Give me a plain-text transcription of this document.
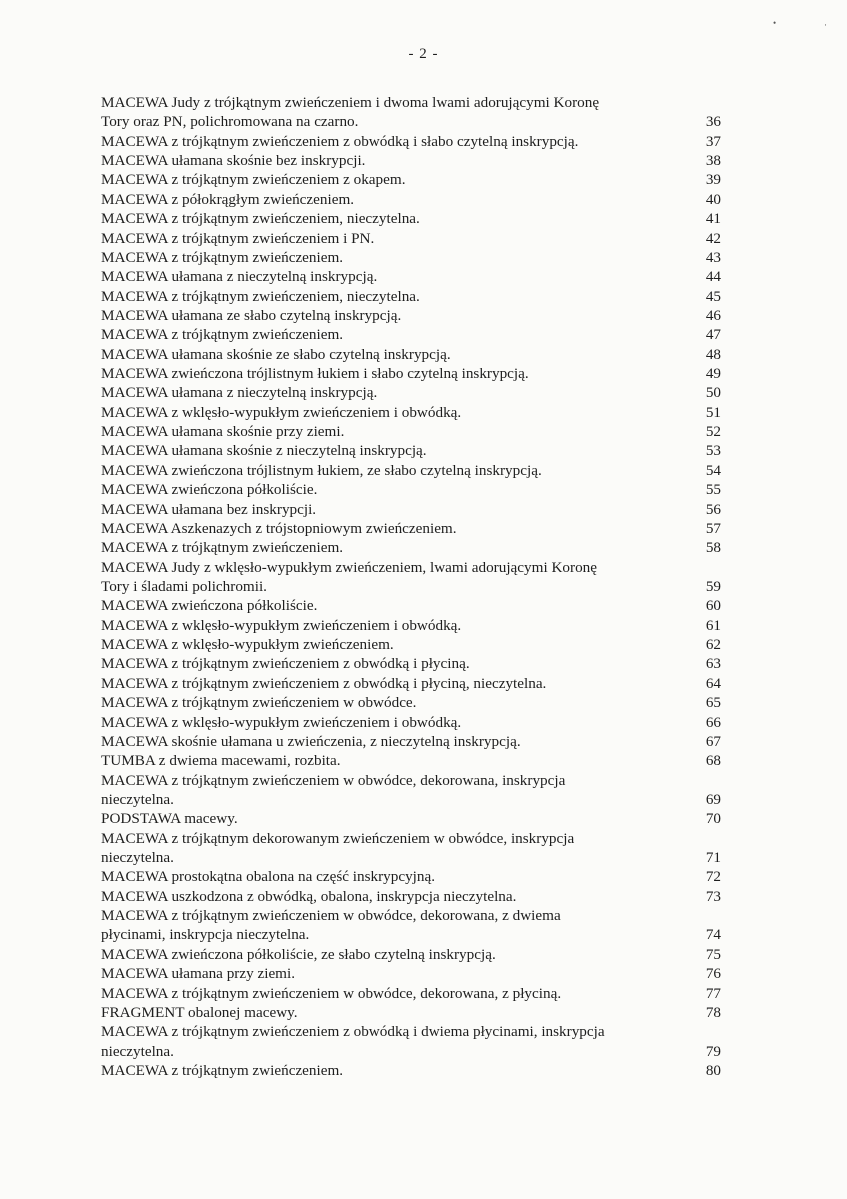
- 2 -
•	·
MACEWA Judy z trójkątnym zwieńczeniem i dwoma lwami adorującymi Koronę
Tory oraz PN, polichromowana na czarno.	36
MACEWA z trójkątnym zwieńczeniem z obwódką i słabo czytelną inskrypcją.	37
MACEWA ułamana skośnie bez inskrypcji.	38
MACEWA z trójkątnym zwieńczeniem z okapem.	39
MACEWA z półokrągłym zwieńczeniem.	40
MACEWA z trójkątnym zwieńczeniem, nieczytelna.	41
MACEWA z trójkątnym zwieńczeniem i PN.	42
MACEWA z trójkątnym zwieńczeniem.	43
MACEWA ułamana z nieczytelną inskrypcją.	44
MACEWA z trójkątnym zwieńczeniem, nieczytelna.	45
MACEWA ułamana ze słabo czytelną inskrypcją.	46
MACEWA z trójkątnym zwieńczeniem.	47
MACEWA ułamana skośnie ze słabo czytelną inskrypcją.	48
MACEWA zwieńczona trójlistnym łukiem i słabo czytelną inskrypcją.	49
MACEWA ułamana z nieczytelną inskrypcją.	50
MACEWA z wklęsło-wypukłym zwieńczeniem i obwódką.	51
MACEWA ułamana skośnie przy ziemi.	52
MACEWA ułamana skośnie z nieczytelną inskrypcją.	53
MACEWA zwieńczona trójlistnym łukiem, ze słabo czytelną inskrypcją.	54
MACEWA zwieńczona półkoliście.	55
MACEWA ułamana bez inskrypcji.	56
MACEWA Aszkenazych z trójstopniowym zwieńczeniem.	57
MACEWA z trójkątnym zwieńczeniem.	58
MACEWA Judy z wklęsło-wypukłym zwieńczeniem, lwami adorującymi Koronę
Tory i śladami polichromii.	59
MACEWA zwieńczona półkoliście.	60
MACEWA z wklęsło-wypukłym zwieńczeniem i obwódką.	61
MACEWA z wklęsło-wypukłym zwieńczeniem.	62
MACEWA z trójkątnym zwieńczeniem z obwódką i płyciną.	63
MACEWA z trójkątnym zwieńczeniem z obwódką i płyciną, nieczytelna.	64
MACEWA z trójkątnym zwieńczeniem w obwódce.	65
MACEWA z wklęsło-wypukłym zwieńczeniem i obwódką.	66
MACEWA skośnie ułamana u zwieńczenia, z nieczytelną inskrypcją.	67
TUMBA z dwiema macewami, rozbita.	68
MACEWA z trójkątnym zwieńczeniem w obwódce, dekorowana, inskrypcja
nieczytelna.	69
PODSTAWA macewy.	70
MACEWA z trójkątnym dekorowanym zwieńczeniem w obwódce, inskrypcja
nieczytelna.	71
MACEWA prostokątna obalona na część inskrypcyjną.	72
MACEWA uszkodzona z obwódką, obalona, inskrypcja nieczytelna.	73
MACEWA z trójkątnym zwieńczeniem w obwódce, dekorowana, z dwiema
płycinami, inskrypcja nieczytelna.	74
MACEWA zwieńczona półkoliście, ze słabo czytelną inskrypcją.	75
MACEWA ułamana przy ziemi.	76
MACEWA z trójkątnym zwieńczeniem w obwódce, dekorowana, z płyciną.	77
FRAGMENT obalonej macewy.	78
MACEWA z trójkątnym zwieńczeniem z obwódką i dwiema płycinami, inskrypcja
nieczytelna.	79
MACEWA z trójkątnym zwieńczeniem.	80
